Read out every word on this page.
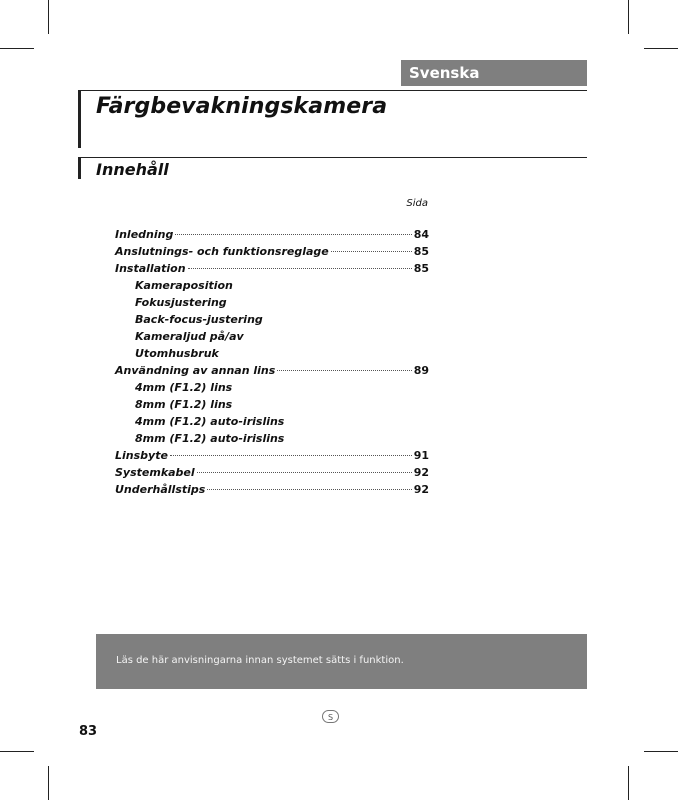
Svenska
Färgbevakningskamera
Innehåll
Sida
Inledning	84
Anslutnings- och funktionsreglage	85
Installation	85
Kameraposition
Fokusjustering
Back-focus-justering
Kameraljud på/av
Utomhusbruk
Användning av annan lins	89
4mm (F1.2) lins
8mm (F1.2) lins
4mm (F1.2) auto-irislins
8mm (F1.2) auto-irislins
Linsbyte	91
Systemkabel	92
Underhållstips	92
Läs de här anvisningarna innan systemet sätts i funktion.
S
83
